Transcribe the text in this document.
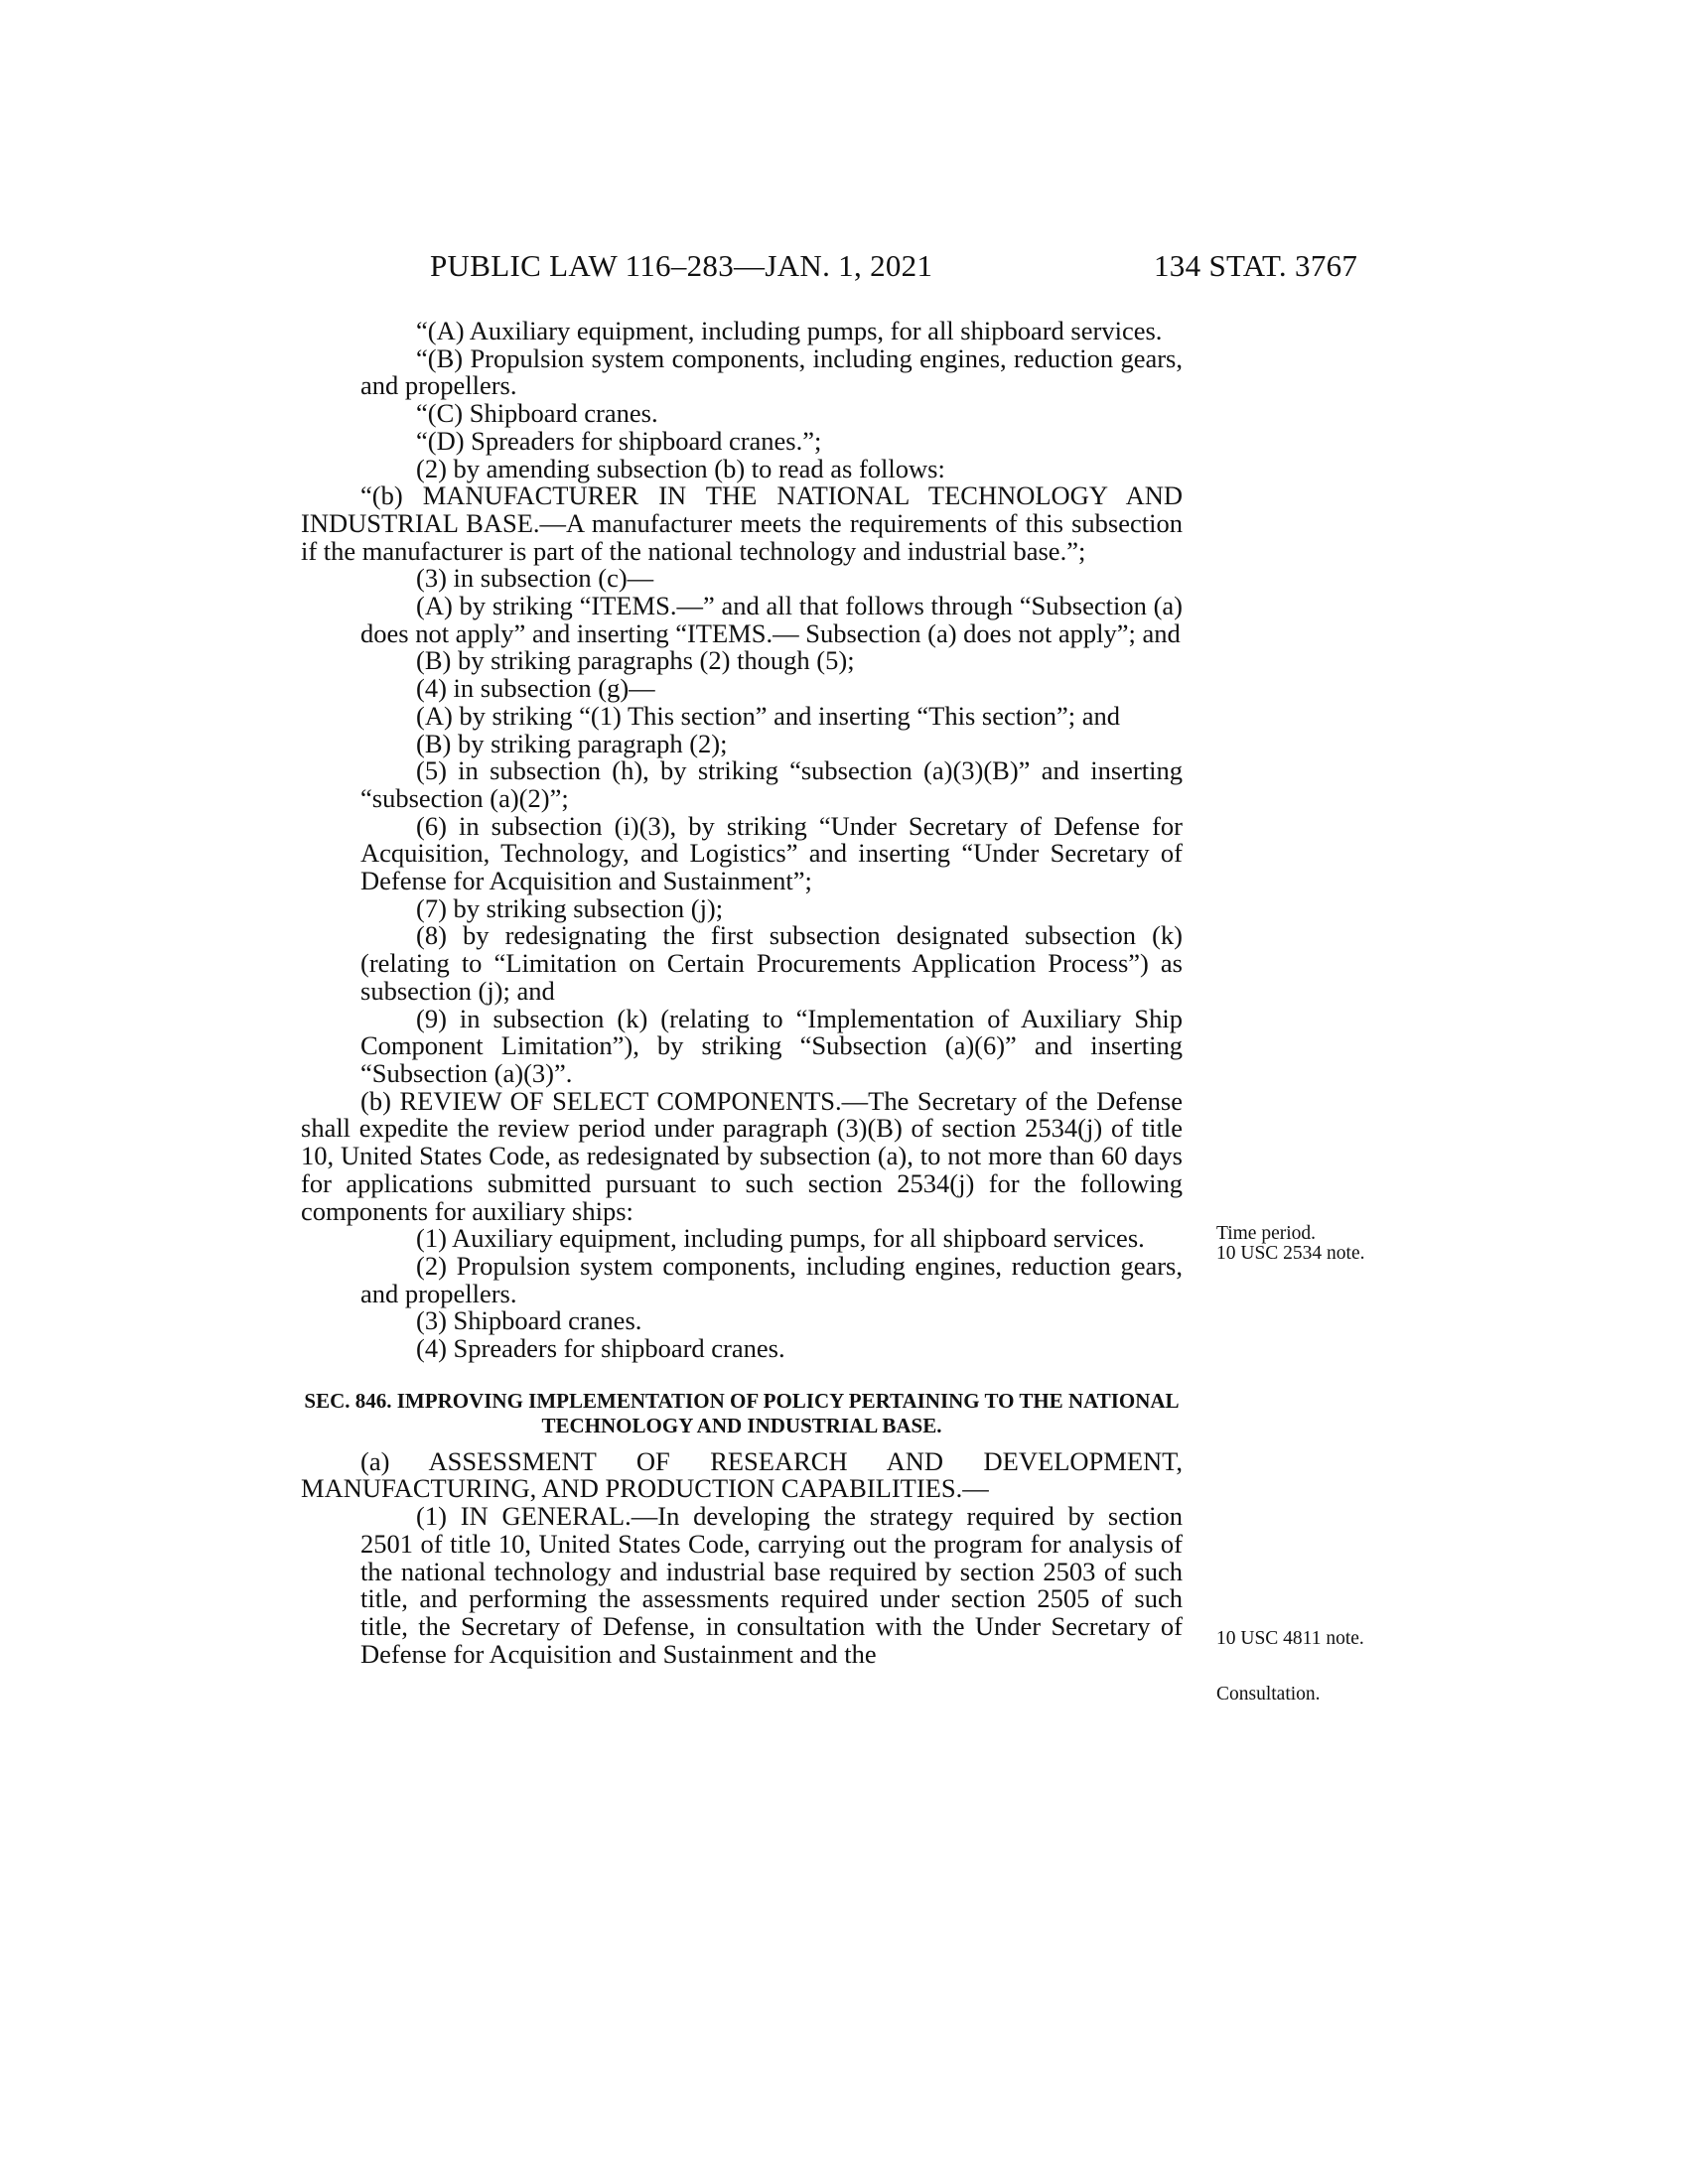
PUBLIC LAW 116–283—JAN. 1, 2021	134 STAT. 3767

“(A) Auxiliary equipment, including pumps, for all shipboard services.

“(B) Propulsion system components, including engines, reduction gears, and propellers.

“(C) Shipboard cranes.

“(D) Spreaders for shipboard cranes.”;

(2) by amending subsection (b) to read as follows:

“(b) MANUFACTURER IN THE NATIONAL TECHNOLOGY AND INDUSTRIAL BASE.—A manufacturer meets the requirements of this subsection if the manufacturer is part of the national technology and industrial base.”;

(3) in subsection (c)—

(A) by striking “ITEMS.—” and all that follows through “Subsection (a) does not apply” and inserting “ITEMS.— Subsection (a) does not apply”; and

(B) by striking paragraphs (2) though (5);

(4) in subsection (g)—

(A) by striking “(1) This section” and inserting “This section”; and

(B) by striking paragraph (2);

(5) in subsection (h), by striking “subsection (a)(3)(B)” and inserting “subsection (a)(2)”;

(6) in subsection (i)(3), by striking “Under Secretary of Defense for Acquisition, Technology, and Logistics” and inserting “Under Secretary of Defense for Acquisition and Sustainment”;

(7) by striking subsection (j);

(8) by redesignating the first subsection designated subsection (k) (relating to “Limitation on Certain Procurements Application Process”) as subsection (j); and

(9) in subsection (k) (relating to “Implementation of Auxiliary Ship Component Limitation”), by striking “Subsection (a)(6)” and inserting “Subsection (a)(3)”.

(b) REVIEW OF SELECT COMPONENTS.—The Secretary of the Defense shall expedite the review period under paragraph (3)(B) of section 2534(j) of title 10, United States Code, as redesignated by subsection (a), to not more than 60 days for applications submitted pursuant to such section 2534(j) for the following components for auxiliary ships:

(1) Auxiliary equipment, including pumps, for all shipboard services.

(2) Propulsion system components, including engines, reduction gears, and propellers.

(3) Shipboard cranes.

(4) Spreaders for shipboard cranes.

SEC. 846. IMPROVING IMPLEMENTATION OF POLICY PERTAINING TO THE NATIONAL TECHNOLOGY AND INDUSTRIAL BASE.

(a) ASSESSMENT OF RESEARCH AND DEVELOPMENT, MANUFACTURING, AND PRODUCTION CAPABILITIES.—

(1) IN GENERAL.—In developing the strategy required by section 2501 of title 10, United States Code, carrying out the program for analysis of the national technology and industrial base required by section 2503 of such title, and performing the assessments required under section 2505 of such title, the Secretary of Defense, in consultation with the Under Secretary of Defense for Acquisition and Sustainment and the

Time period.
10 USC 2534 note.
10 USC 4811 note.
Consultation.
